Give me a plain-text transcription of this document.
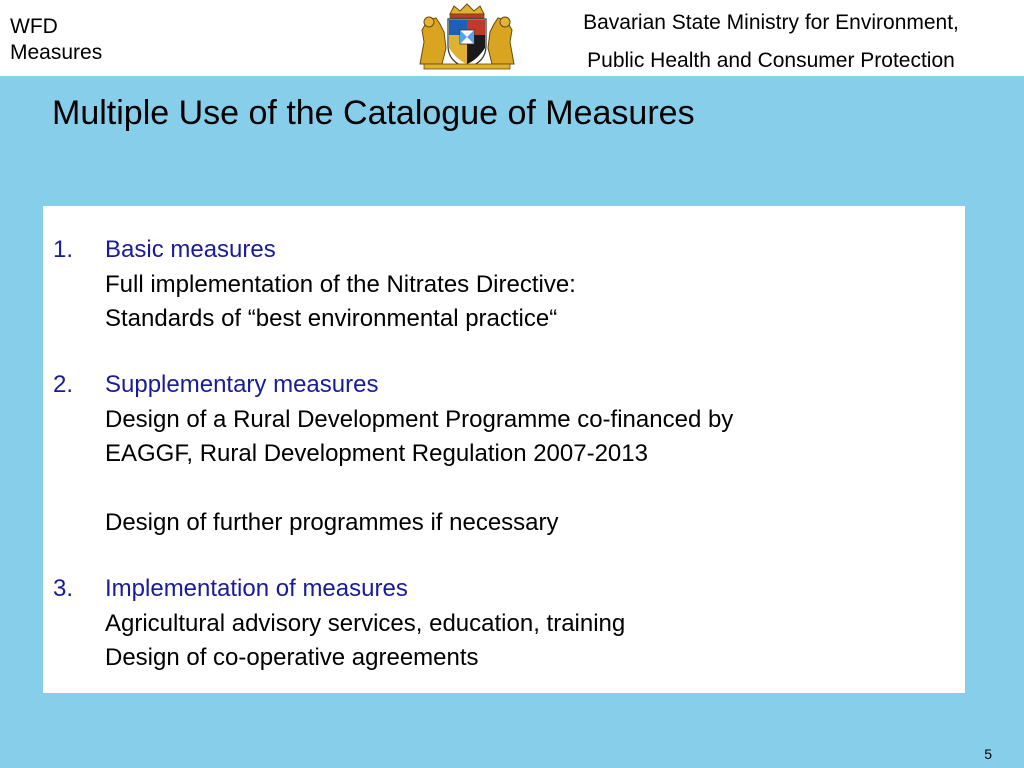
WFD
Measures
Bavarian State Ministry for Environment,
Public Health and Consumer Protection
Multiple Use of the Catalogue of Measures
1. Basic measures
Full implementation of the Nitrates Directive:
Standards of “best environmental practice“
2. Supplementary measures
Design of a Rural Development Programme co-financed by
EAGGF, Rural Development Regulation 2007-2013
Design of further programmes if necessary
3. Implementation of measures
Agricultural advisory services, education, training
Design of co-operative agreements
5
